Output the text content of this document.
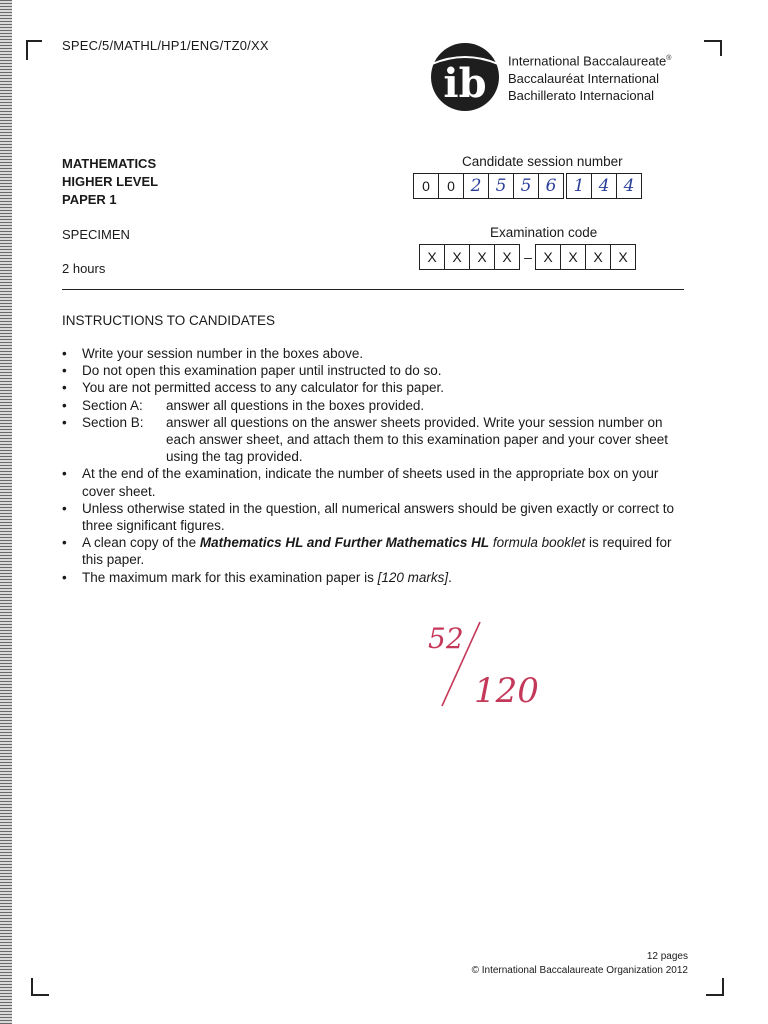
SPEC/5/MATHL/HP1/ENG/TZ0/XX
ib International Baccalaureate®
Baccalauréat International
Bachillerato Internacional
MATHEMATICS
HIGHER LEVEL
PAPER 1
SPECIMEN
2 hours
Candidate session number
0	0 2 5 5 6	1 4 4
Examination code
X	X	X	X – X	X	X	X
INSTRUCTIONS TO CANDIDATES
• Write your session number in the boxes above.
• Do not open this examination paper until instructed to do so.
• You are not permitted access to any calculator for this paper.
• Section A: answer all questions in the boxes provided.
• Section B: answer all questions on the answer sheets provided. Write your session number on each answer sheet, and attach them to this examination paper and your cover sheet using the tag provided.
• At the end of the examination, indicate the number of sheets used in the appropriate box on your cover sheet.
• Unless otherwise stated in the question, all numerical answers should be given exactly or correct to three significant figures.
• A clean copy of the Mathematics HL and Further Mathematics HL formula booklet is required for this paper.
• The maximum mark for this examination paper is [120 marks].
52
120
12 pages
© International Baccalaureate Organization 2012
